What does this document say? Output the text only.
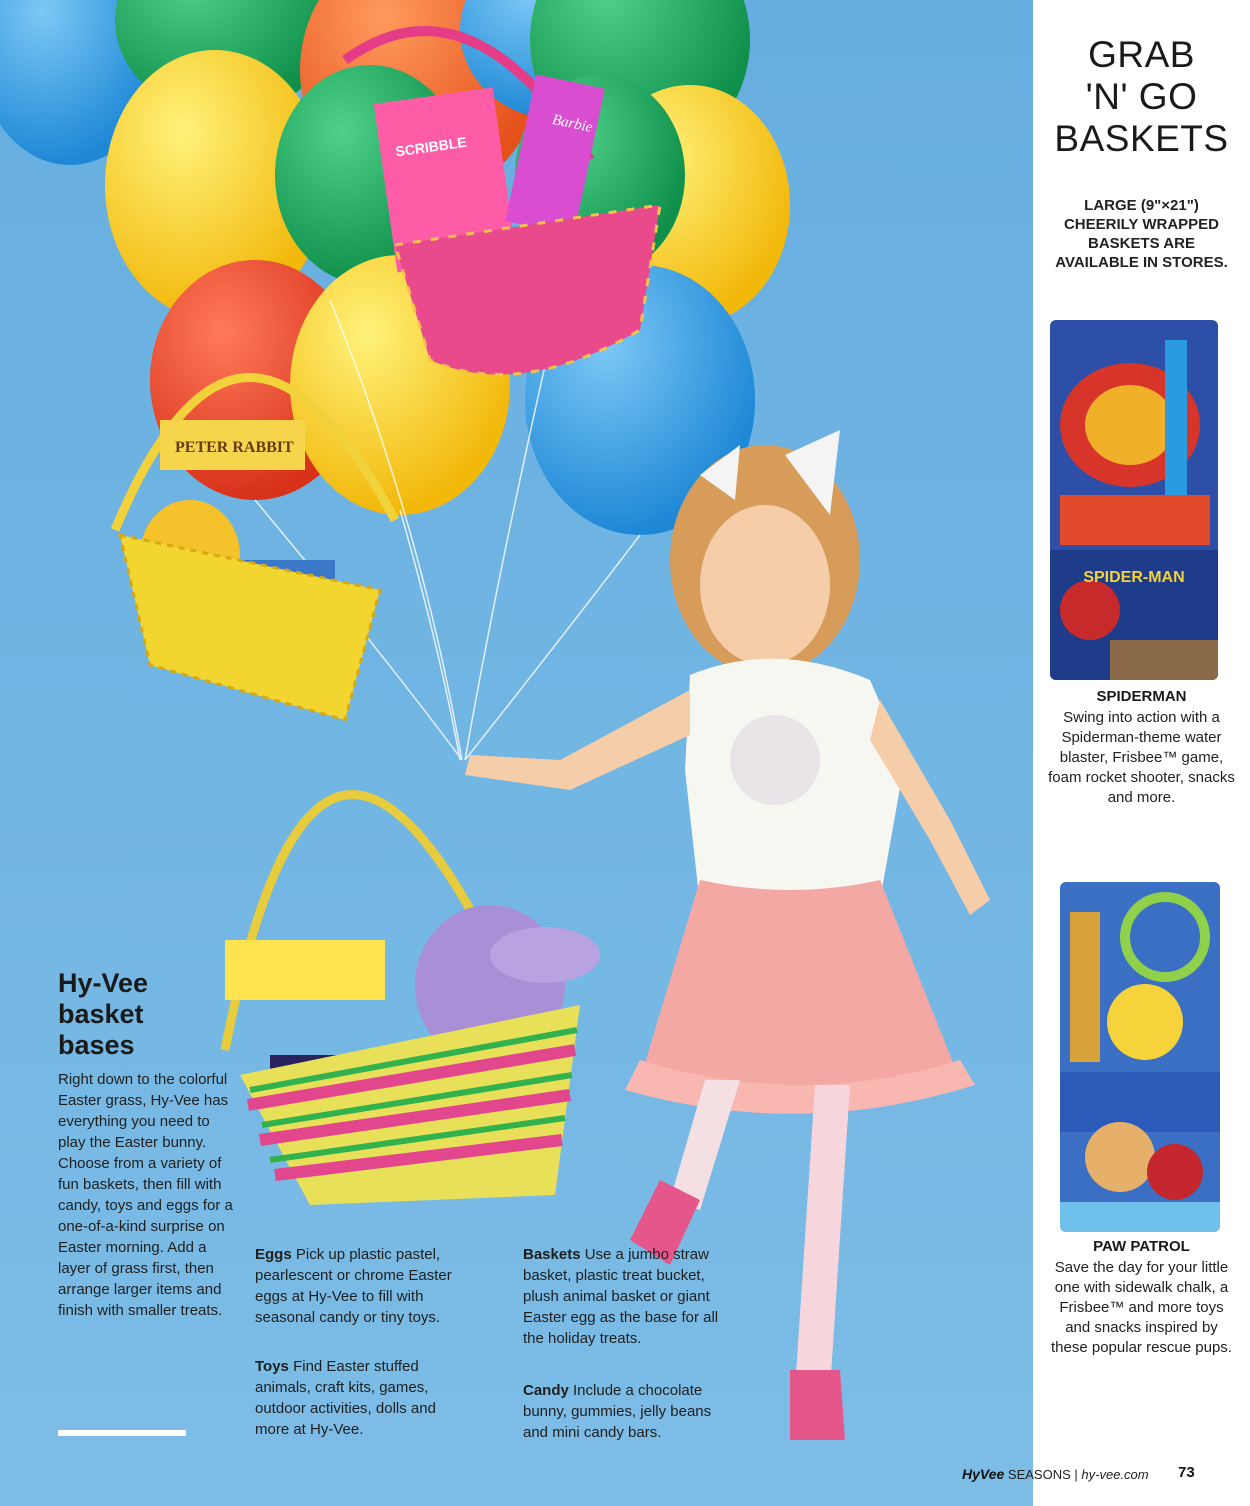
SCRIBBLE
Barbie
PETER RABBIT
Hy-Vee
basket
bases
Right down to the colorful Easter grass, Hy-Vee has everything you need to play the Easter bunny. Choose from a variety of fun baskets, then fill with candy, toys and eggs for a one-of-a-kind surprise on Easter morning. Add a layer of grass first, then arrange larger items and finish with smaller treats.
Eggs Pick up plastic pastel, pearlescent or chrome Easter eggs at Hy-Vee to fill with seasonal candy or tiny toys.
Toys Find Easter stuffed animals, craft kits, games, outdoor activities, dolls and more at Hy-Vee.
Baskets Use a jumbo straw basket, plastic treat bucket, plush animal basket or giant Easter egg as the base for all the holiday treats.
Candy Include a chocolate bunny, gummies, jelly beans and mini candy bars.
GRAB
'N' GO
BASKETS
LARGE (9"×21") CHEERILY WRAPPED BASKETS ARE AVAILABLE IN STORES.
SPIDER-MAN
SPIDERMAN
Swing into action with a Spiderman-theme water blaster, Frisbee™ game, foam rocket shooter, snacks and more.
PAW PATROL
Save the day for your little one with sidewalk chalk, a Frisbee™ and more toys and snacks inspired by these popular rescue pups.
HyVee SEASONS | hy-vee.com 73
